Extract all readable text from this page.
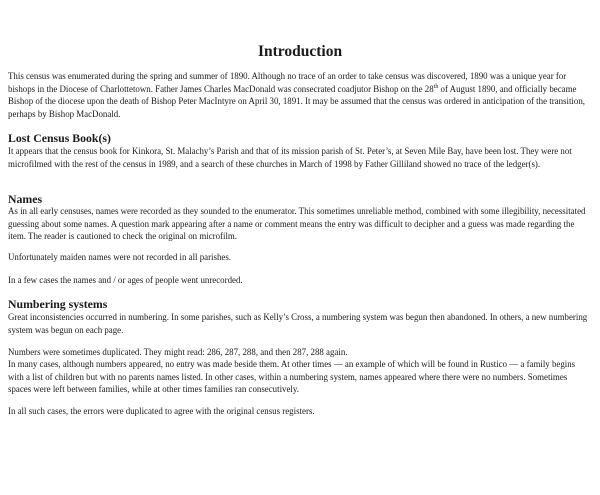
Introduction

This census was enumerated during the spring and summer of 1890. Although no trace of an order to take census was discovered, 1890 was a unique year for bishops in the Diocese of Charlottetown. Father James Charles MacDonald was consecrated coadjutor Bishop on the 28th of August 1890, and officially became Bishop of the diocese upon the death of Bishop Peter MacIntyre on April 30, 1891. It may be assumed that the census was ordered in anticipation of the transition, perhaps by Bishop MacDonald.

Lost Census Book(s)

It appears that the census book for Kinkora, St. Malachy’s Parish and that of its mission parish of St. Peter’s, at Seven Mile Bay, have been lost. They were not microfilmed with the rest of the census in 1989, and a search of these churches in March of 1998 by Father Gilliland showed no trace of the ledger(s).

Names

As in all early censuses, names were recorded as they sounded to the enumerator. This sometimes unreliable method, combined with some illegibility, necessitated guessing about some names. A question mark appearing after a name or comment means the entry was difficult to decipher and a guess was made regarding the item. The reader is cautioned to check the original on microfilm.

Unfortunately maiden names were not recorded in all parishes.

In a few cases the names and / or ages of people went unrecorded.

Numbering systems

Great inconsistencies occurred in numbering. In some parishes, such as Kelly’s Cross, a numbering system was begun then abandoned. In others, a new numbering system was begun on each page.

Numbers were sometimes duplicated. They might read: 286, 287, 288, and then 287, 288 again.

In many cases, although numbers appeared, no entry was made beside them. At other times — an example of which will be found in Rustico — a family begins with a list of children but with no parents names listed. In other cases, within a numbering system, names appeared where there were no numbers. Sometimes spaces were left between families, while at other times families ran consecutively.

In all such cases, the errors were duplicated to agree with the original census registers.
